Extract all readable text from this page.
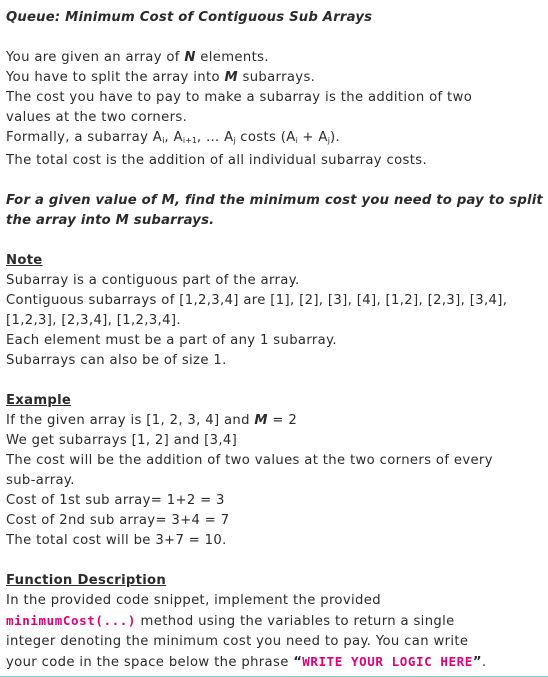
Queue: Minimum Cost of Contiguous Sub Arrays
You are given an array of N elements.
You have to split the array into M subarrays.
The cost you have to pay to make a subarray is the addition of two
values at the two corners.
Formally, a subarray $A_i$, $A_{i+1}$, … $A_j$ costs $(A_i + A_j)$.
The total cost is the addition of all individual subarray costs.
For a given value of M, find the minimum cost you need to pay to split
the array into M subarrays.
Note
Subarray is a contiguous part of the array.
Contiguous subarrays of [1,2,3,4] are [1], [2], [3], [4], [1,2], [2,3], [3,4],
[1,2,3], [2,3,4], [1,2,3,4].
Each element must be a part of any 1 subarray.
Subarrays can also be of size 1.
Example
If the given array is [1, 2, 3, 4] and M = 2
We get subarrays [1, 2] and [3,4]
The cost will be the addition of two values at the two corners of every
sub-array.
Cost of 1st sub array= 1+2 = 3
Cost of 2nd sub array= 3+4 = 7
The total cost will be 3+7 = 10.
Function Description
In the provided code snippet, implement the provided
minimumCost(...) method using the variables to return a single
integer denoting the minimum cost you need to pay. You can write
your code in the space below the phrase “WRITE YOUR LOGIC HERE”.
